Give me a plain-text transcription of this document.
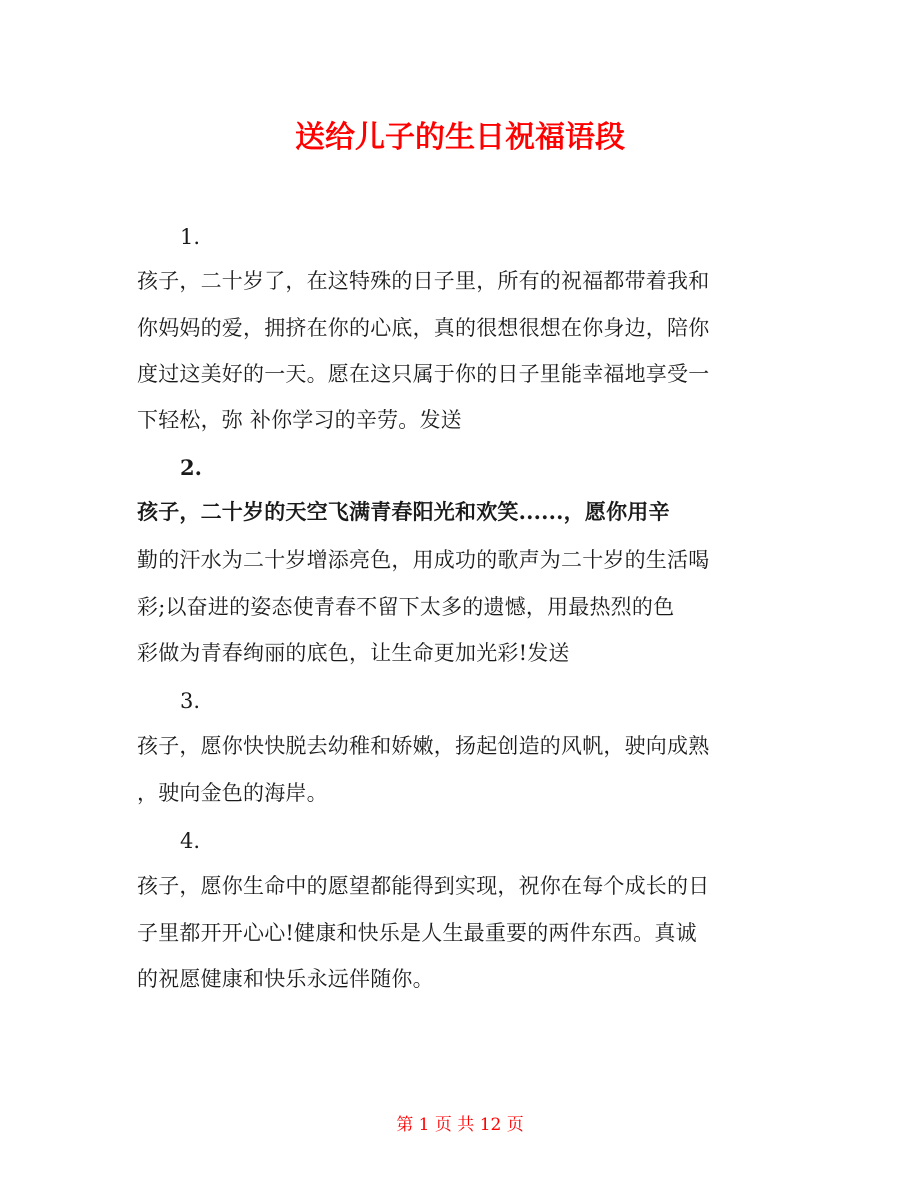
送给儿子的生日祝福语段
1.
孩子，二十岁了，在这特殊的日子里，所有的祝福都带着我和
你妈妈的爱，拥挤在你的心底，真的很想很想在你身边，陪你
度过这美好的一天。愿在这只属于你的日子里能幸福地享受一
下轻松，弥 补你学习的辛劳。发送
2.
孩子，二十岁的天空飞满青春阳光和欢笑......，愿你用辛
勤的汗水为二十岁增添亮色，用成功的歌声为二十岁的生活喝
彩;以奋进的姿态使青春不留下太多的遗憾，用最热烈的色
彩做为青春绚丽的底色，让生命更加光彩!发送
3.
孩子，愿你快快脱去幼稚和娇嫩，扬起创造的风帆，驶向成熟
，驶向金色的海岸。
4.
孩子，愿你生命中的愿望都能得到实现，祝你在每个成长的日
子里都开开心心!健康和快乐是人生最重要的两件东西。真诚
的祝愿健康和快乐永远伴随你。
第 1 页 共 12 页
